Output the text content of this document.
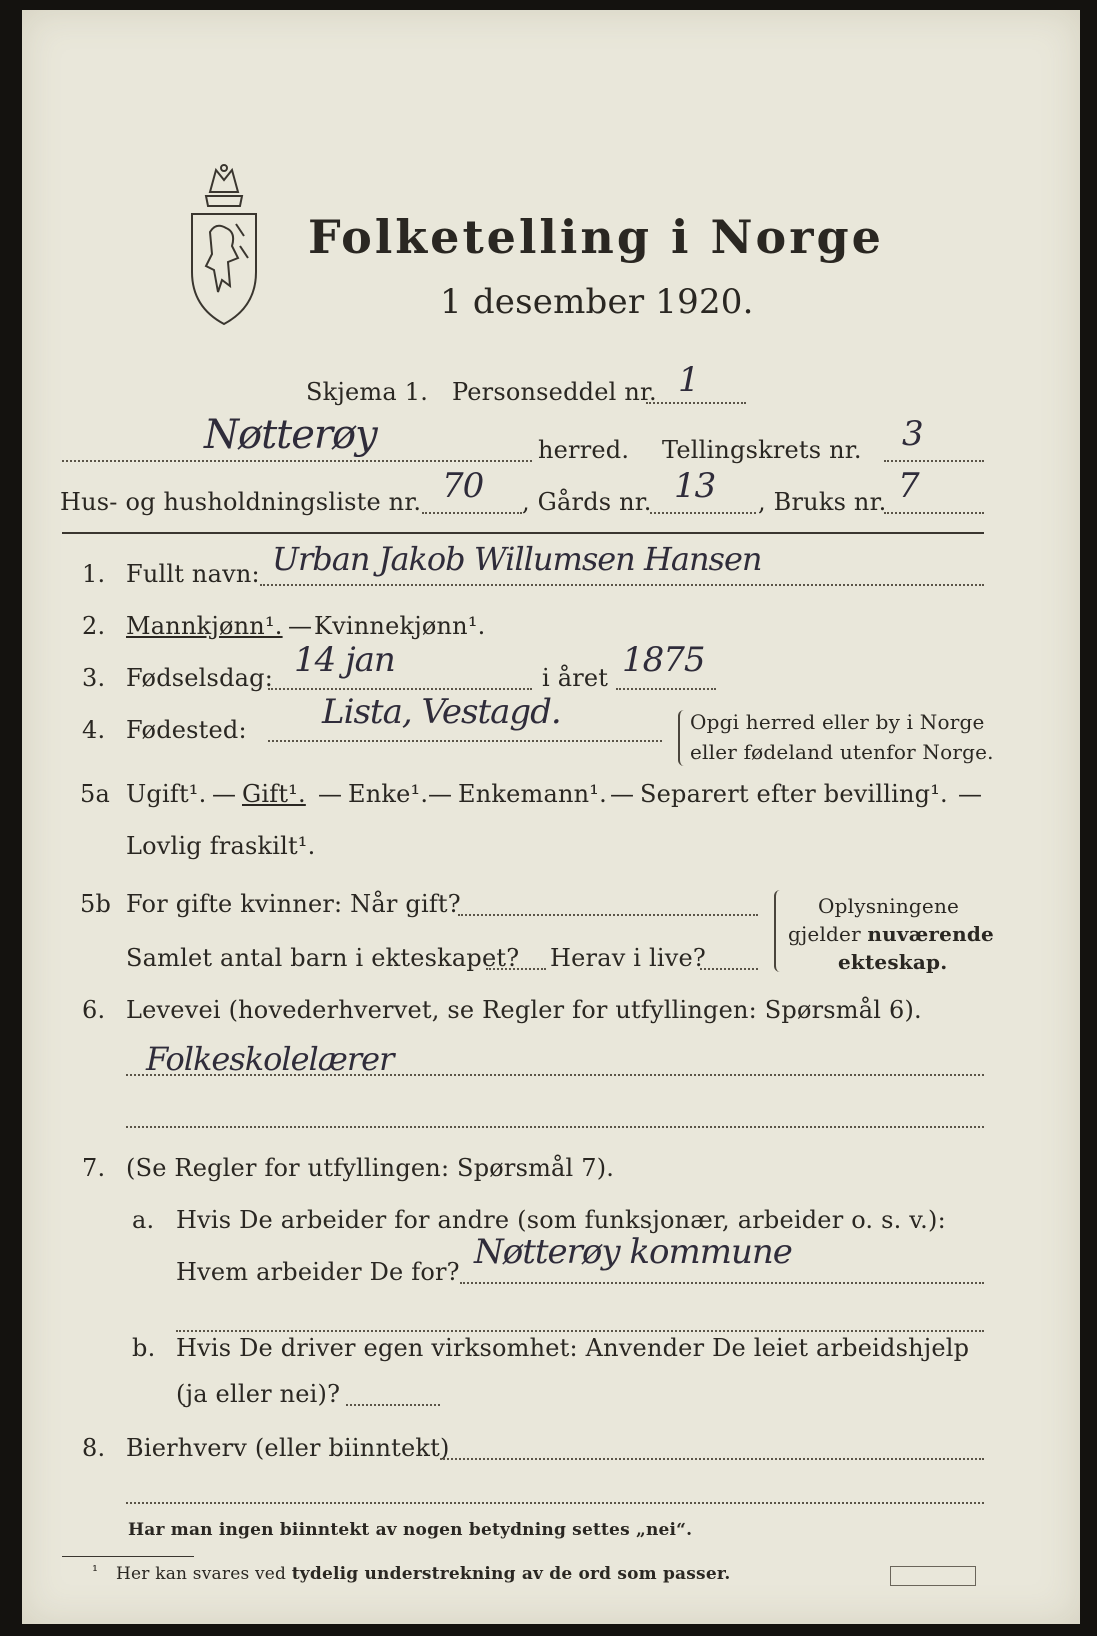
Folketelling i Norge
1 desember 1920.
Skjema 1. Personseddel nr. 1
Nøtterøy	herred. Tellingskrets nr. 3
Hus- og husholdningsliste nr. 70 , Gårds nr. 13 , Bruks nr. 7
1. Fullt navn: Urban Jakob Willumsen Hansen
2. Mannkjønn¹. — Kvinnekjønn¹.
3. Fødselsdag: 14 jan	i året 1875
4. Fødested: Lista, Vestagd.	Opgi herred eller by i Norge
eller fødeland utenfor Norge.
5a Ugift¹. — Gift¹. — Enke¹. — Enkemann¹. — Separert efter bevilling¹. —
Lovlig fraskilt¹.
5b For gifte kvinner: Når gift?
Samlet antal barn i ekteskapet? Herav i live?
Oplysningene
gjelder nuværende
ekteskap.
6. Levevei (hovederhvervet, se Regler for utfyllingen: Spørsmål 6).
Folkeskolelærer
7. (Se Regler for utfyllingen: Spørsmål 7).
a. Hvis De arbeider for andre (som funksjonær, arbeider o. s. v.):
Hvem arbeider De for? Nøtterøy kommune
b. Hvis De driver egen virksomhet: Anvender De leiet arbeidshjelp
(ja eller nei)?
8. Bierhverv (eller biinntekt)
Har man ingen biinntekt av nogen betydning settes „nei“.
¹ Her kan svares ved tydelig understrekning av de ord som passer.
